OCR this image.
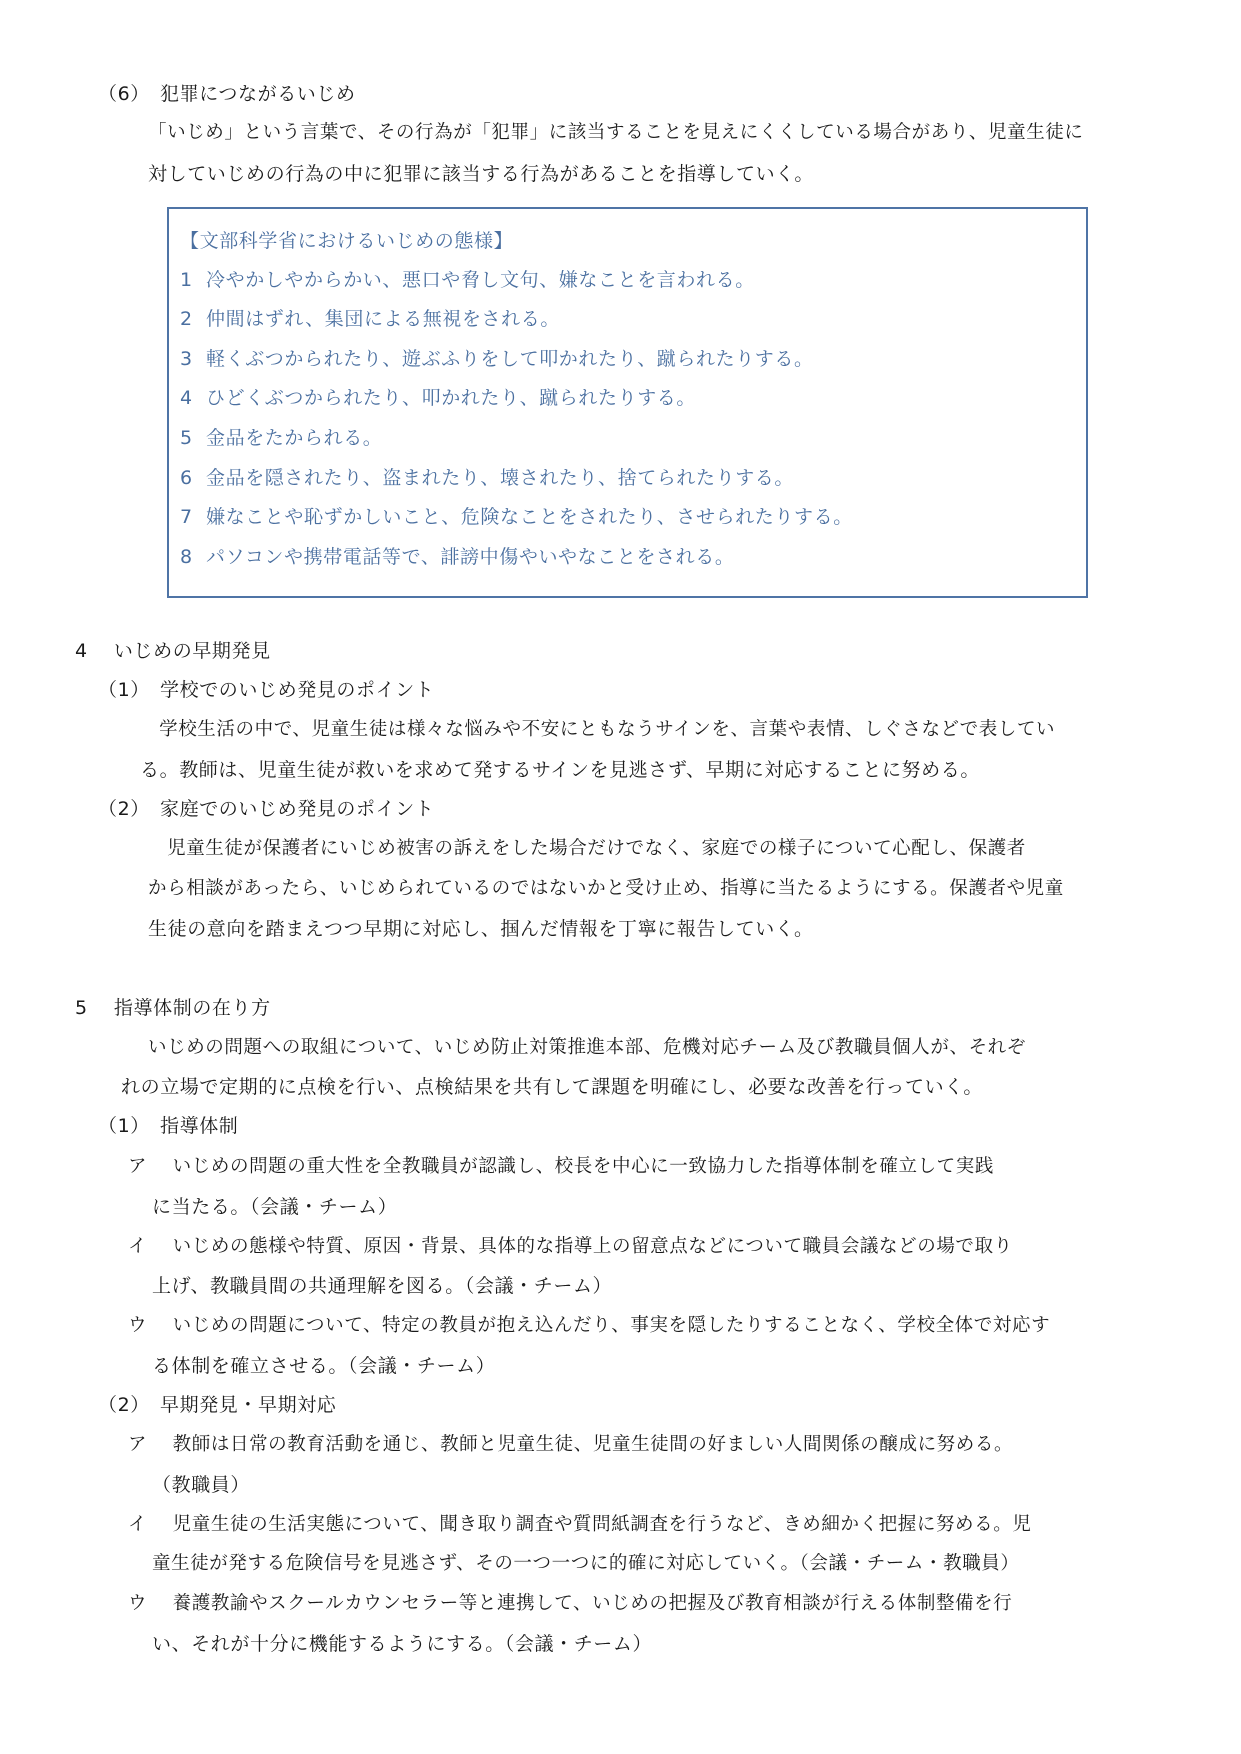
（6）　犯罪につながるいじめ
「いじめ」という言葉で、その行為が「犯罪」に該当することを見えにくくしている場合があり、児童生徒に
対していじめの行為の中に犯罪に該当する行為があることを指導していく。
【文部科学省におけるいじめの態様】
1 冷やかしやからかい、悪口や脅し文句、嫌なことを言われる。
2 仲間はずれ、集団による無視をされる。
3 軽くぶつかられたり、遊ぶふりをして叩かれたり、蹴られたりする。
4 ひどくぶつかられたり、叩かれたり、蹴られたりする。
5 金品をたかられる。
6 金品を隠されたり、盗まれたり、壊されたり、捨てられたりする。
7 嫌なことや恥ずかしいこと、危険なことをされたり、させられたりする。
8 パソコンや携帯電話等で、誹謗中傷やいやなことをされる。
4　 いじめの早期発見
（1）　学校でのいじめ発見のポイント
　学校生活の中で、児童生徒は様々な悩みや不安にともなうサインを、言葉や表情、しぐさなどで表してい
る。教師は、児童生徒が救いを求めて発するサインを見逃さず、早期に対応することに努める。
（2）　家庭でのいじめ発見のポイント
　児童生徒が保護者にいじめ被害の訴えをした場合だけでなく、家庭での様子について心配し、保護者
から相談があったら、いじめられているのではないかと受け止め、指導に当たるようにする。保護者や児童
生徒の意向を踏まえつつ早期に対応し、掴んだ情報を丁寧に報告していく。
5　 指導体制の在り方
いじめの問題への取組について、いじめ防止対策推進本部、危機対応チーム及び教職員個人が、それぞ
れの立場で定期的に点検を行い、点検結果を共有して課題を明確にし、必要な改善を行っていく。
（1）　指導体制
ア　 いじめの問題の重大性を全教職員が認識し、校長を中心に一致協力した指導体制を確立して実践
に当たる。（会議・チーム）
イ　 いじめの態様や特質、原因・背景、具体的な指導上の留意点などについて職員会議などの場で取り
上げ、教職員間の共通理解を図る。（会議・チーム）
ウ　 いじめの問題について、特定の教員が抱え込んだり、事実を隠したりすることなく、学校全体で対応す
る体制を確立させる。（会議・チーム）
（2）　早期発見・早期対応
ア　 教師は日常の教育活動を通じ、教師と児童生徒、児童生徒間の好ましい人間関係の醸成に努める。
（教職員）
イ　 児童生徒の生活実態について、聞き取り調査や質問紙調査を行うなど、きめ細かく把握に努める。児
童生徒が発する危険信号を見逃さず、その一つ一つに的確に対応していく。（会議・チーム・教職員）
ウ　 養護教諭やスクールカウンセラー等と連携して、いじめの把握及び教育相談が行える体制整備を行
い、それが十分に機能するようにする。（会議・チーム）
